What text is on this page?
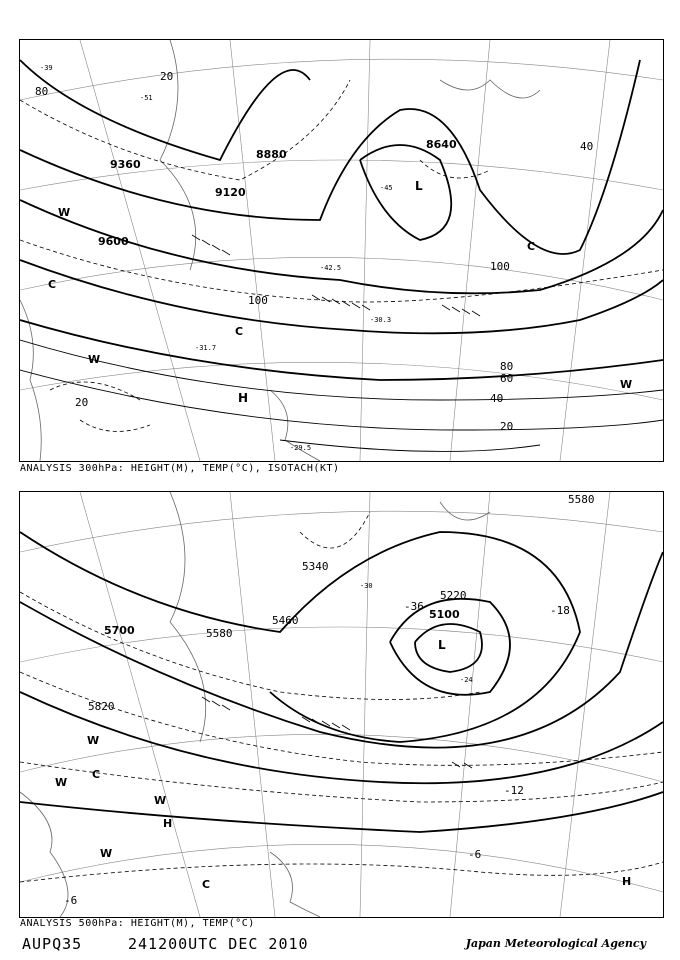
9360
9120
8880
8640
9600
80
80
60
40
20
20
100
100
40
20
-39
-51
-45
-42.5
-30.3
-31.7
-29.5
L
H
W
W
W
C
C
C
ANALYSIS 300hPa: HEIGHT(M), TEMP(°C), ISOTACH(KT)
5700	5580
5580
5460
5820
5100
5220
5340
-36	-18
-12
-6
-6
-30
-24
L
H
H
W
W
W
W
C
C
ANALYSIS 500hPa: HEIGHT(M), TEMP(°C)
AUPQ35	241200UTC DEC 2010	Japan Meteorological Agency
